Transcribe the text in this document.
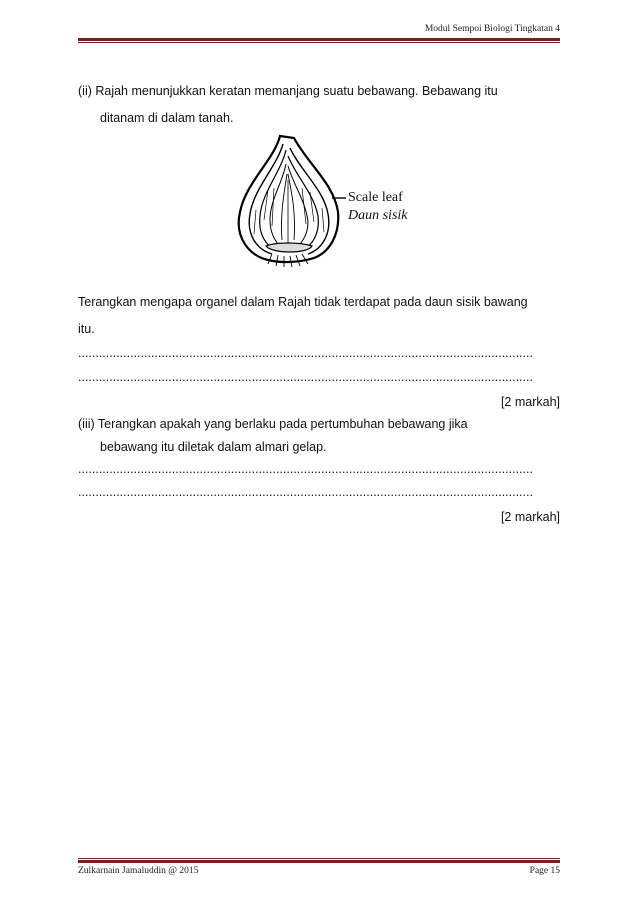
Modul Sempoi Biologi Tingkatan 4
(ii) Rajah menunjukkan keratan memanjang suatu bebawang. Bebawang itu
ditanam di dalam tanah.
Scale leaf
Daun sisik
Terangkan mengapa organel dalam Rajah tidak terdapat pada daun sisik bawang
itu.
...................................................................................................................................
...................................................................................................................................
[2 markah]
(iii) Terangkan apakah yang berlaku pada pertumbuhan bebawang jika
bebawang itu diletak dalam almari gelap.
...................................................................................................................................
...................................................................................................................................
[2 markah]
Zulkarnain Jamaluddin @ 2015	Page 15
